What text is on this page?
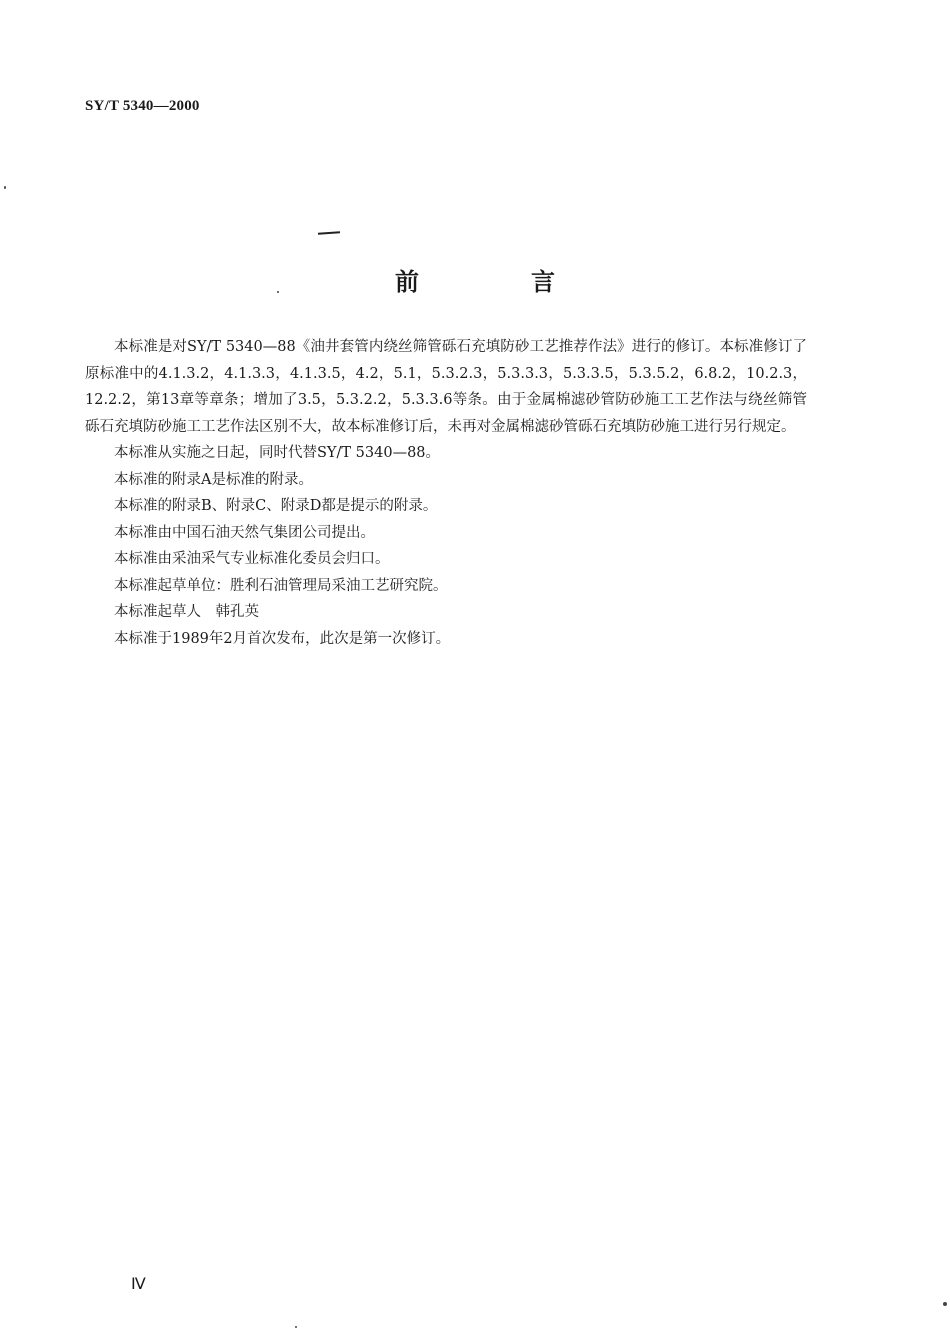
SY/T 5340—2000
前　言

本标准是对SY/T 5340—88《油井套管内绕丝筛管砾石充填防砂工艺推荐作法》进行的修订。本标准修订了原标准中的4.1.3.2，4.1.3.3，4.1.3.5，4.2，5.1，5.3.2.3，5.3.3.3，5.3.3.5，5.3.5.2，6.8.2，10.2.3，12.2.2，第13章等章条；增加了3.5，5.3.2.2，5.3.3.6等条。由于金属棉滤砂管防砂施工工艺作法与绕丝筛管砾石充填防砂施工工艺作法区别不大，故本标准修订后，未再对金属棉滤砂管砾石充填防砂施工进行另行规定。

本标准从实施之日起，同时代替SY/T 5340—88。

本标准的附录A是标准的附录。

本标准的附录B、附录C、附录D都是提示的附录。

本标准由中国石油天然气集团公司提出。

本标准由采油采气专业标准化委员会归口。

本标准起草单位：胜利石油管理局采油工艺研究院。

本标准起草人　韩孔英

本标准于1989年2月首次发布，此次是第一次修订。

Ⅳ
